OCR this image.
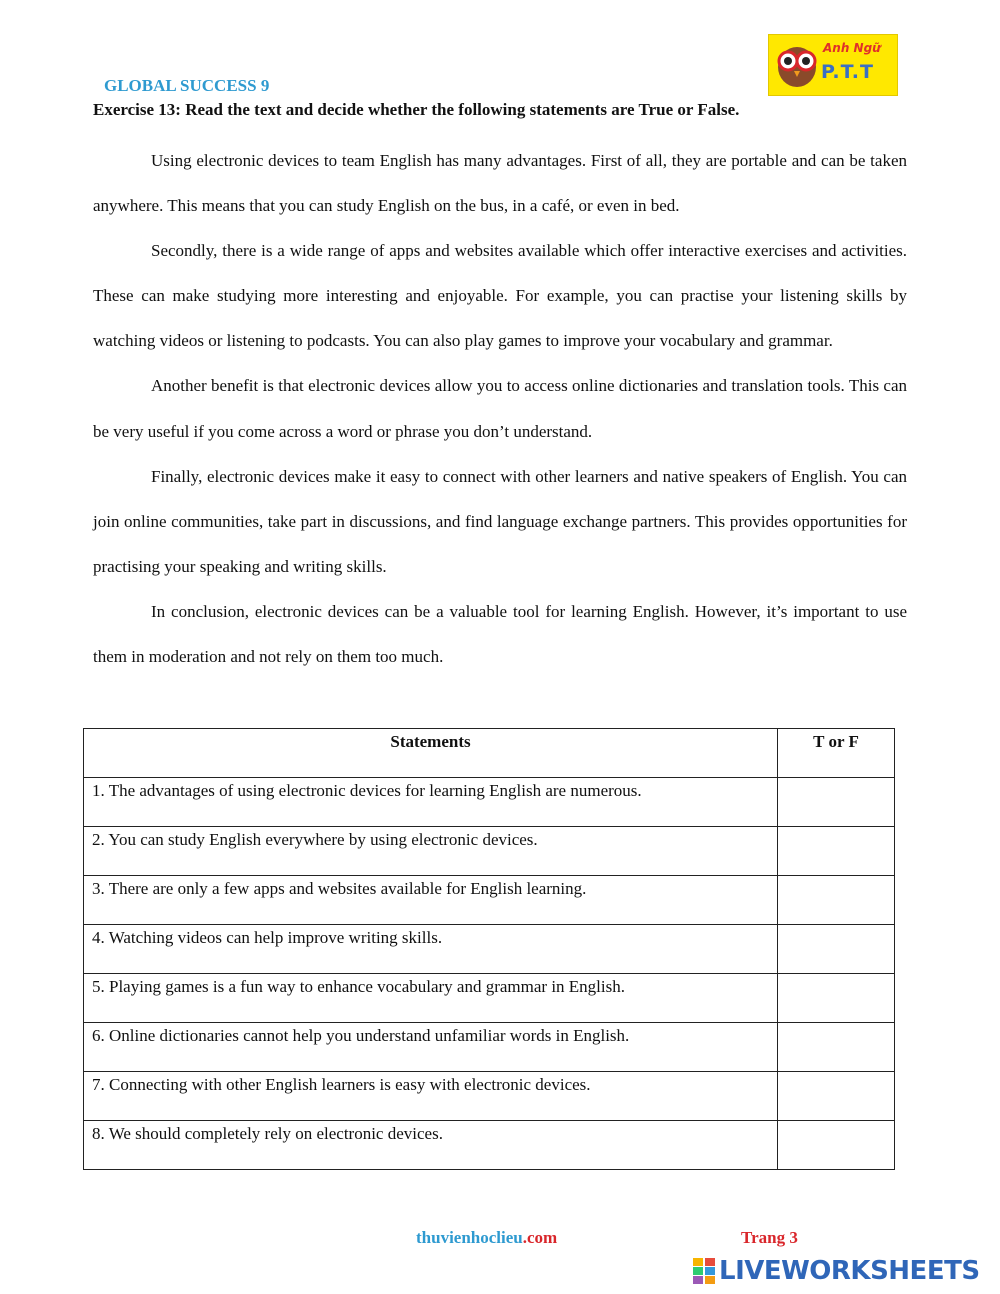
GLOBAL SUCCESS 9
Anh Ngữ
P.T.T
Exercise 13: Read the text and decide whether the following statements are True or False.

Using electronic devices to team English has many advantages. First of all, they are portable and can be taken anywhere. This means that you can study English on the bus, in a café, or even in bed.

Secondly, there is a wide range of apps and websites available which offer interactive exercises and activities. These can make studying more interesting and enjoyable. For example, you can practise your listening skills by watching videos or listening to podcasts. You can also play games to improve your vocabulary and grammar.

Another benefit is that electronic devices allow you to access online dictionaries and translation tools. This can be very useful if you come across a word or phrase you don’t understand.

Finally, electronic devices make it easy to connect with other learners and native speakers of English. You can join online communities, take part in discussions, and find language exchange partners. This provides opportunities for practising your speaking and writing skills.

In conclusion, electronic devices can be a valuable tool for learning English. However, it’s important to use them in moderation and not rely on them too much.

Statements	T or F
1. The advantages of using electronic devices for learning English are numerous.	
2. You can study English everywhere by using electronic devices.	
3. There are only a few apps and websites available for English learning.	
4. Watching videos can help improve writing skills.	
5. Playing games is a fun way to enhance vocabulary and grammar in English.	
6. Online dictionaries cannot help you understand unfamiliar words in English.	
7. Connecting with other English learners is easy with electronic devices.	
8. We should completely rely on electronic devices.	
thuvienhoclieu.com	Trang 3
LIVEWORKSHEETS
